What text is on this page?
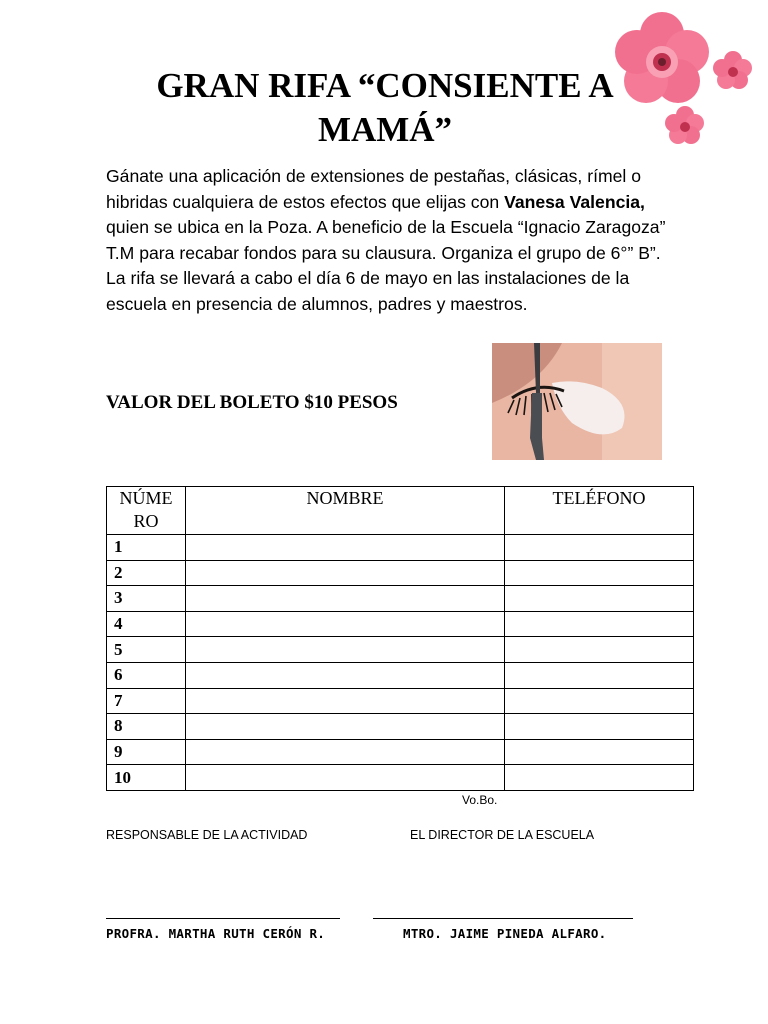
GRAN RIFA “CONSIENTE A
MAMÁ”

Gánate una aplicación de extensiones de pestañas, clásicas, rímel o hibridas cualquiera de estos efectos que elijas con Vanesa Valencia, quien se ubica en la Poza. A beneficio de la Escuela “Ignacio Zaragoza” T.M para recabar fondos para su clausura. Organiza el grupo de 6°” B”. La rifa se llevará a cabo el día 6 de mayo en las instalaciones de la escuela en presencia de alumnos, padres y maestros.

VALOR DEL BOLETO $10 PESOS

NÚME RO	NOMBRE	TELÉFONO
1		
2		
3		
4		
5		
6		
7		
8		
9		
10		
Vo.Bo.
RESPONSABLE DE LA ACTIVIDAD	EL DIRECTOR DE LA ESCUELA
PROFRA. MARTHA RUTH CERÓN R.	MTRO. JAIME PINEDA ALFARO.
